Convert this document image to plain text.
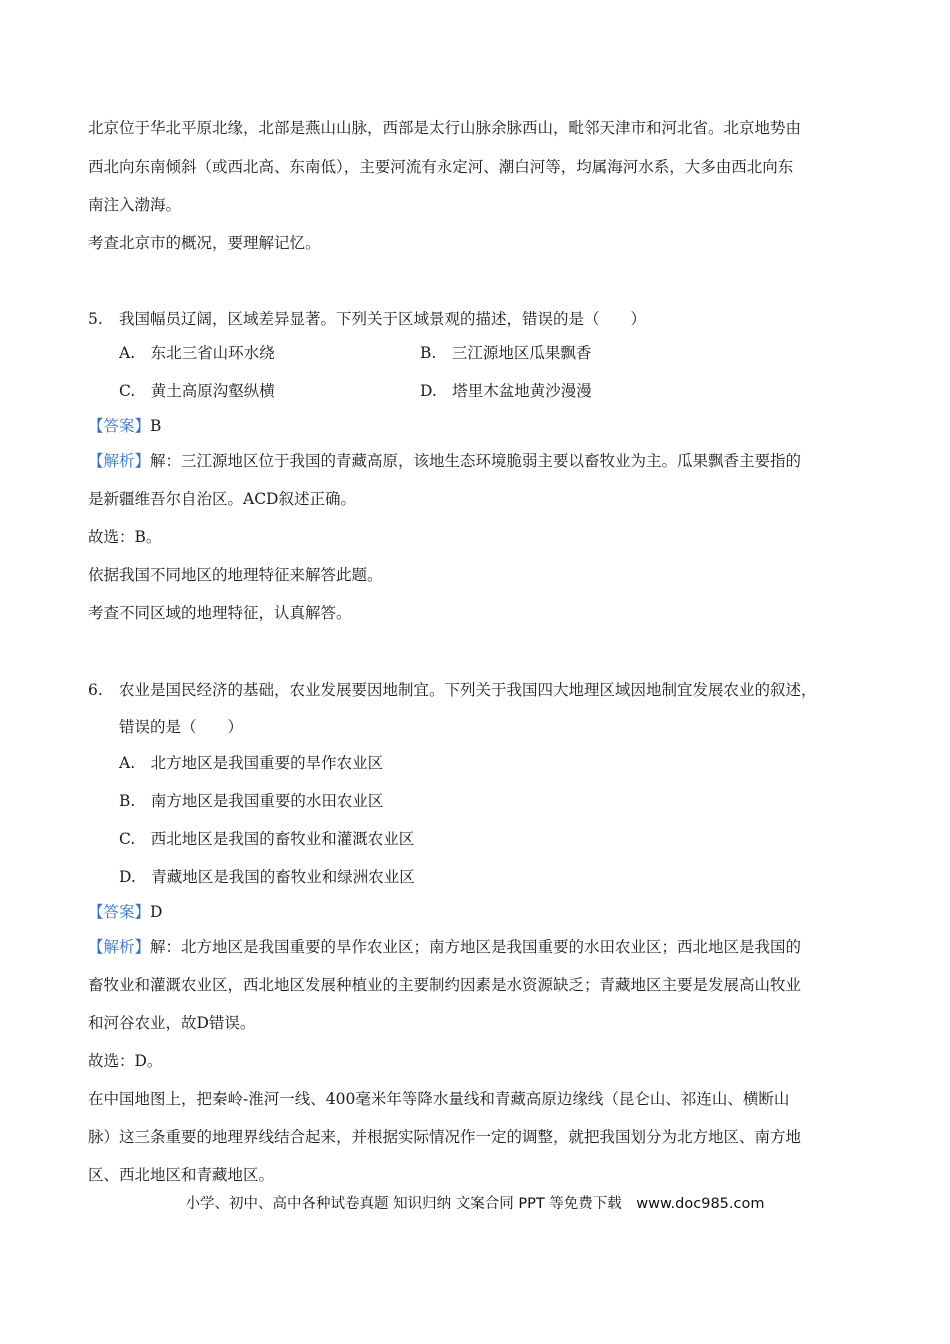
北京位于华北平原北缘，北部是燕山山脉，西部是太行山脉余脉西山，毗邻天津市和河北省。北京地势由
西北向东南倾斜（或西北高、东南低），主要河流有永定河、潮白河等，均属海河水系，大多由西北向东
南注入渤海。
考查北京市的概况，要理解记忆。
5. 我国幅员辽阔，区域差异显著。下列关于区域景观的描述，错误的是（　　）
A.　东北三省山环水绕	B.　三江源地区瓜果飘香
C.　黄土高原沟壑纵横	D.　塔里木盆地黄沙漫漫
【答案】B
【解析】解：三江源地区位于我国的青藏高原，该地生态环境脆弱主要以畜牧业为主。瓜果飘香主要指的
是新疆维吾尔自治区。ACD叙述正确。
故选：B。
依据我国不同地区的地理特征来解答此题。
考查不同区域的地理特征，认真解答。
6. 农业是国民经济的基础，农业发展要因地制宜。下列关于我国四大地理区域因地制宜发展农业的叙述，
错误的是（　　）
A.　北方地区是我国重要的旱作农业区
B.　南方地区是我国重要的水田农业区
C.　西北地区是我国的畜牧业和灌溉农业区
D.　青藏地区是我国的畜牧业和绿洲农业区
【答案】D
【解析】解：北方地区是我国重要的旱作农业区；南方地区是我国重要的水田农业区；西北地区是我国的
畜牧业和灌溉农业区，西北地区发展种植业的主要制约因素是水资源缺乏；青藏地区主要是发展高山牧业
和河谷农业，故D错误。
故选：D。
在中国地图上，把秦岭-淮河一线、400毫米年等降水量线和青藏高原边缘线（昆仑山、祁连山、横断山
脉）这三条重要的地理界线结合起来，并根据实际情况作一定的调整，就把我国划分为北方地区、南方地
区、西北地区和青藏地区。
小学、初中、高中各种试卷真题 知识归纳 文案合同 PPT 等免费下载　www.doc985.com
